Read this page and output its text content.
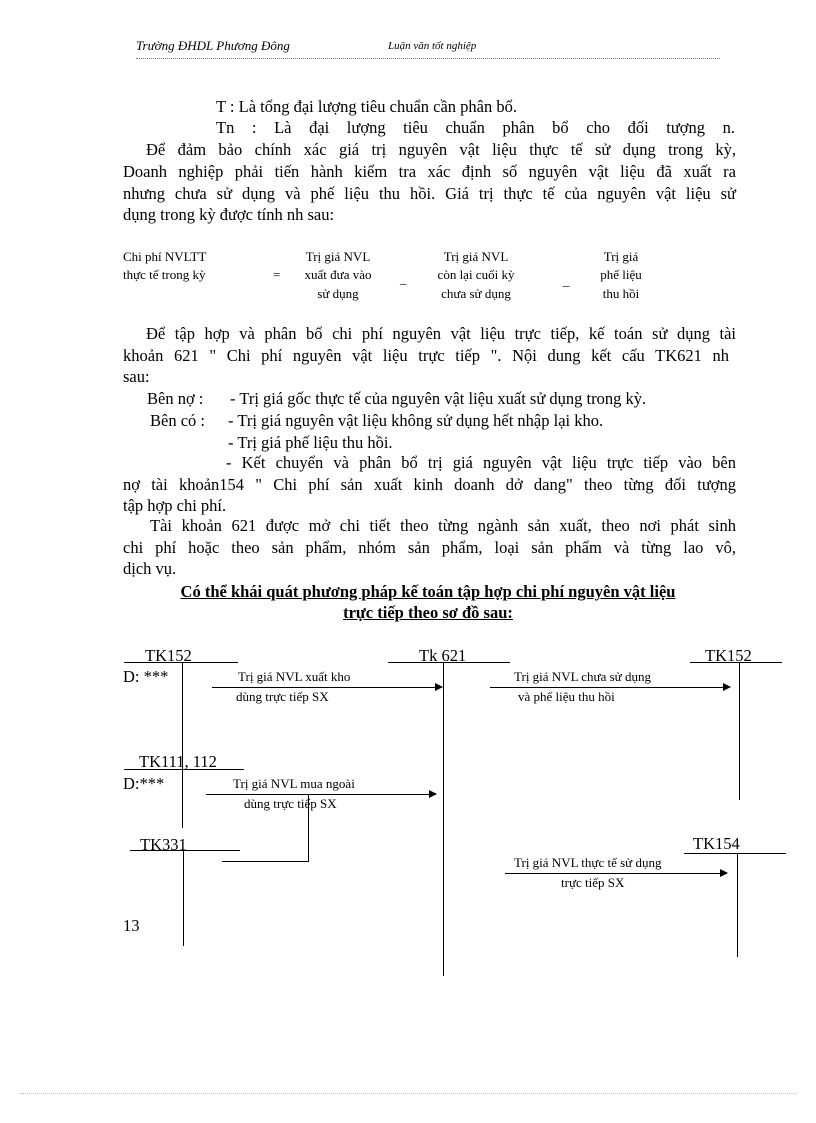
Trường ĐHDL Phương Đông	Luận văn tốt nghiệp
T : Là tổng đại lượng tiêu chuẩn cần phân bổ.
Tn : Là đại lượng tiêu chuẩn phân bổ cho đối tượng n.
Để đảm bảo chính xác giá trị nguyên vật liệu thực tế sử dụng trong kỳ,
Doanh nghiệp phải tiến hành kiểm tra xác định số nguyên vật liệu đã xuất ra
nhưng chưa sử dụng và phế liệu thu hồi. Giá trị thực tế của nguyên vật liệu sử
dụng trong kỳ được tính nh sau:
Chi phí NVLTT
thực tế trong kỳ	=
Trị giá NVL
xuất đưa vào
sử dụng
_
Trị giá NVL
còn lại cuối kỳ
chưa sử dụng
_
Trị giá
phế liệu
thu hồi
Để tập hợp và phân bổ chi phí nguyên vật liệu trực tiếp, kế toán sử dụng tài
khoản 621 " Chi phí nguyên vật liệu trực tiếp ". Nội dung kết cấu TK621 nh
sau:
Bên nợ : - Trị giá gốc thực tế của nguyên vật liệu xuất sử dụng trong kỳ.
Bên có : - Trị giá nguyên vật liệu không sử dụng hết nhập lại kho.
- Trị giá phế liệu thu hồi.
- Kết chuyển và phân bổ trị giá nguyên vật liệu trực tiếp vào bên
nợ tài khoản154 " Chi phí sản xuất kinh doanh dở dang" theo từng đối tượng
tập hợp chi phí.
Tài khoản 621 được mở chi tiết theo từng ngành sản xuất, theo nơi phát sinh
chi phí hoặc theo sản phẩm, nhóm sản phẩm, loại sản phẩm và từng lao vô,
dịch vụ.
Có thể khái quát phương pháp kế toán tập hợp chi phí nguyên vật liệu
trực tiếp theo sơ đồ sau:
TK152
D: ***	Trị giá NVL xuất kho
dùng trực tiếp SX
Tk 621
Trị giá NVL chưa sử dụng
và phế liệu thu hồi
TK152
TK111, 112
D:***	Trị giá NVL mua ngoài
dùng trực tiếp SX
TK331	TK154
Trị giá NVL thực tế sử dụng
trực tiếp SX
13
